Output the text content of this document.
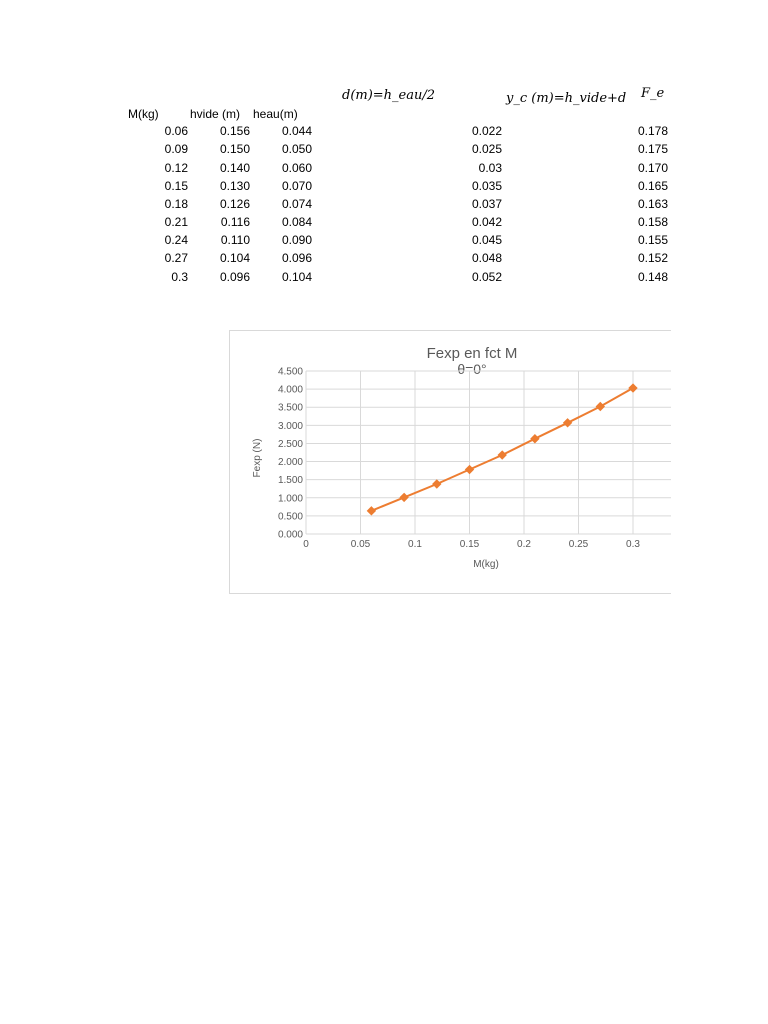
d(m)=h_eau/2	y_c (m)=h_vide+d F_e
M(kg)	hvide (m) heau(m)
0.06	0.156	0.044	0.022	0.178
0.09	0.150	0.050	0.025	0.175
0.12	0.140	0.060	0.03	0.170
0.15	0.130	0.070	0.035	0.165
0.18	0.126	0.074	0.037	0.163
0.21	0.116	0.084	0.042	0.158
0.24	0.110	0.090	0.045	0.155
0.27	0.104	0.096	0.048	0.152
0.3	0.096	0.104	0.052	0.148
Fexp en fct M
θ=0°
0.000
0.500
1.000
1.500
2.000
2.500
3.000
3.500
4.000
4.500
0	0.05	0.1	0.15	0.2	0.25	0.3
M(kg)
Fexp (N)
